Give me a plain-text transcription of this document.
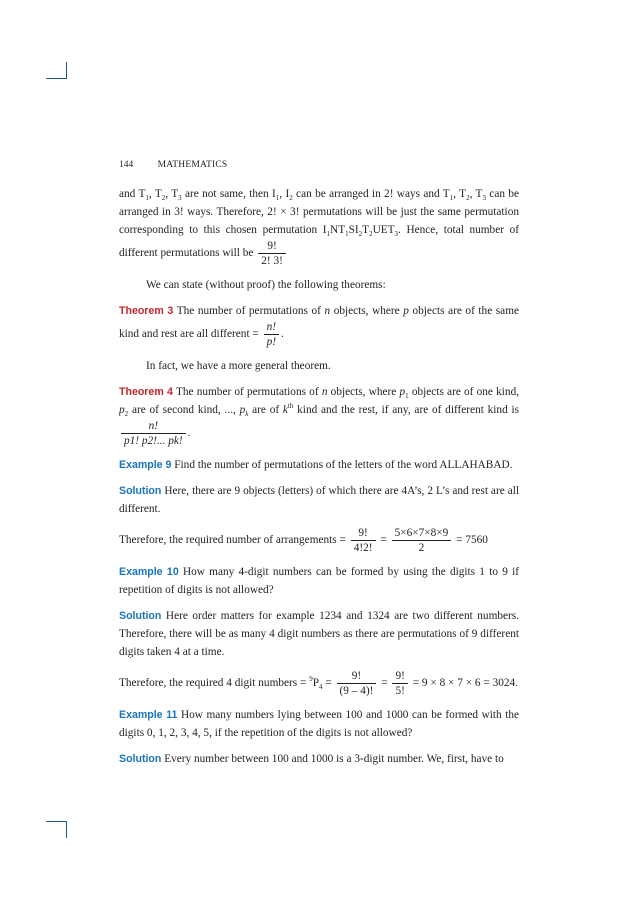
144	MATHEMATICS

and $T_1$, $T_2$, $T_3$ are not same, then $I_1$, $I_2$ can be arranged in 2! ways and $T_1$, $T_2$, $T_3$ can be arranged in 3! ways. Therefore, 2! × 3! permutations will be just the same permutation corresponding to this chosen permutation $I_1NT_1SI_2T_2UET_3$. Hence, total number of different permutations will be $\frac{9!}{2! 3!}$

We can state (without proof) the following theorems:

Theorem 3 The number of permutations of n objects, where p objects are of the same kind and rest are all different = $\frac{n!}{p!}$ .

In fact, we have a more general theorem.

Theorem 4 The number of permutations of n objects, where $p_1$ objects are of one kind, $p_2$ are of second kind, ..., $p_k$ are of $k^{th}$ kind and the rest, if any, are of different kind is
$\frac{n!}{p1! p2!... pk!}$ .

Example 9 Find the number of permutations of the letters of the word ALLAHABAD.

Solution Here, there are 9 objects (letters) of which there are 4A’s, 2 L’s and rest are all different.

Therefore, the required number of arrangements = $\frac{9!}{4!2!} = \frac{5\times 6\times 7\times 8\times 9}{2} = 7560$

Example 10 How many 4-digit numbers can be formed by using the digits 1 to 9 if repetition of digits is not allowed?

Solution Here order matters for example 1234 and 1324 are two different numbers. Therefore, there will be as many 4 digit numbers as there are permutations of 9 different digits taken 4 at a time.

Therefore, the required 4 digit numbers = $^9P_4 = \frac{9!}{(9 - 4)!} = \frac{9!}{5!} = 9 \times 8 \times 7 \times 6 = 3024$.

Example 11 How many numbers lying between 100 and 1000 can be formed with the digits 0, 1, 2, 3, 4, 5, if the repetition of the digits is not allowed?

Solution Every number between 100 and 1000 is a 3-digit number. We, first, have to
